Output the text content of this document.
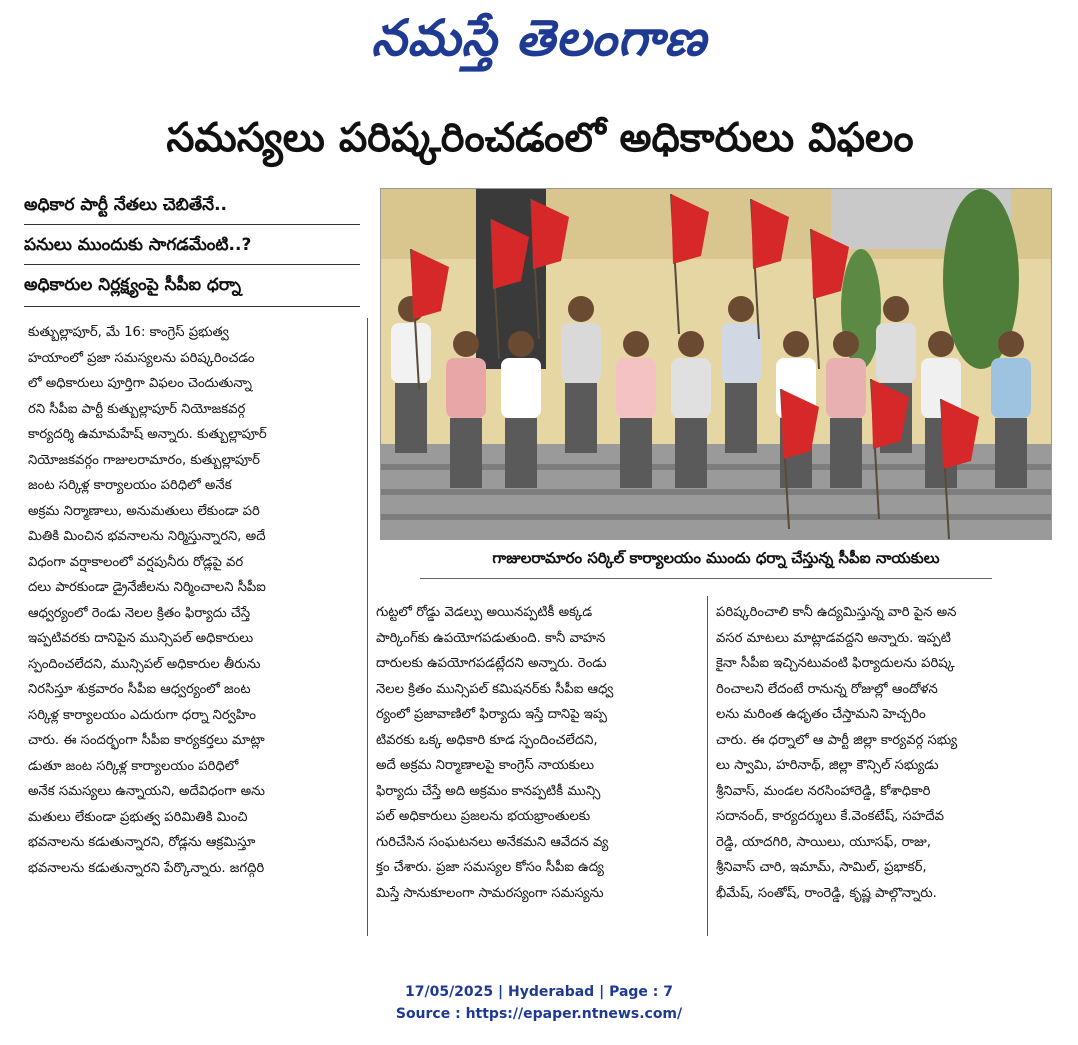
నమస్తే తెలంగాణ
సమస్యలు పరిష్కరించడంలో అధికారులు విఫలం
అధికార పార్టీ నేతలు చెబితేనే..
పనులు ముందుకు సాగడమేంటి..?
అధికారుల నిర్లక్ష్యంపై సీపీఐ ధర్నా
కుత్బుల్లాపూర్, మే 16: కాంగ్రెస్ ప్రభుత్వ
హయాంలో ప్రజా సమస్యలను పరిష్కరించడం
లో అధికారులు పూర్తిగా విఫలం చెందుతున్నా
రని సీపీఐ పార్టీ కుత్బుల్లాపూర్ నియోజకవర్గ
కార్యదర్శి ఉమామహేష్ అన్నారు. కుత్బుల్లాపూర్
నియోజకవర్గం గాజులరామారం, కుత్బుల్లాపూర్
జంట సర్కిళ్ల కార్యాలయం పరిధిలో అనేక
అక్రమ నిర్మాణాలు, అనుమతులు లేకుండా పరి
మితికి మించిన భవనాలను నిర్మిస్తున్నారని, అదే
విధంగా వర్షాకాలంలో వర్షపునీరు రోడ్లపై వర
దలు పారకుండా డ్రైనేజీలను నిర్మించాలని సీపీఐ
ఆధ్వర్యంలో రెండు నెలల క్రితం ఫిర్యాదు చేస్తే
ఇప్పటివరకు దానిపైన మున్సిపల్ అధికారులు
స్పందించలేదని, మున్సిపల్ అధికారుల తీరును
నిరసిస్తూ శుక్రవారం సీపీఐ ఆధ్వర్యంలో జంట
సర్కిళ్ల కార్యాలయం ఎదురుగా ధర్నా నిర్వహిం
చారు. ఈ సందర్భంగా సీపీఐ కార్యకర్తలు మాట్లా
డుతూ జంట సర్కిళ్ల కార్యాలయం పరిధిలో
అనేక సమస్యలు ఉన్నాయని, అదేవిధంగా అను
మతులు లేకుండా ప్రభుత్వ పరిమితికి మించి
భవనాలను కడుతున్నారని, రోడ్లను ఆక్రమిస్తూ
భవనాలను కడుతున్నారని పేర్కొన్నారు. జగద్గిరి
గాజులరామారం సర్కిల్ కార్యాలయం ముందు ధర్నా చేస్తున్న సీపీఐ నాయకులు
గుట్టలో రోడ్డు వెడల్పు అయినప్పటికీ అక్కడ
పార్కింగ్‌కు ఉపయోగపడుతుంది. కానీ వాహన
దారులకు ఉపయోగపడట్లేదని అన్నారు. రెండు
నెలల క్రితం మున్సిపల్ కమిషనర్‌కు సీపీఐ ఆధ్వ
ర్యంలో ప్రజావాణిలో ఫిర్యాదు ఇస్తే దానిపై ఇప్ప
టివరకు ఒక్క అధికారి కూడ స్పందించలేదని,
అదే అక్రమ నిర్మాణాలపై కాంగ్రెస్ నాయకులు
ఫిర్యాదు చేస్తే అది అక్రమం కానప్పటికీ మున్సి
పల్ అధికారులు ప్రజలను భయభ్రాంతులకు
గురిచేసిన సంఘటనలు అనేకమని ఆవేదన వ్య
క్తం చేశారు. ప్రజా సమస్యల కోసం సీపీఐ ఉద్య
మిస్తే సానుకూలంగా సామరస్యంగా సమస్యను
పరిష్కరించాలి కానీ ఉద్యమిస్తున్న వారి పైన అన
వసర మాటలు మాట్లాడవద్దని అన్నారు. ఇప్పటి
కైనా సీపీఐ ఇచ్చినటువంటి ఫిర్యాదులను పరిష్క
రించాలని లేదంటే రానున్న రోజుల్లో ఆందోళన
లను మరింత ఉధృతం చేస్తామని హెచ్చరిం
చారు. ఈ ధర్నాలో ఆ పార్టీ జిల్లా కార్యవర్గ సభ్యు
లు స్వామి, హరినాథ్, జిల్లా కౌన్సిల్ సభ్యుడు
శ్రీనివాస్, మండల నరసింహారెడ్డి, కోశాధికారి
సదానంద్, కార్యదర్శులు కే.వెంకటేష్, సహదేవ
రెడ్డి, యాదగిరి, సాయిలు, యూసఫ్, రాజు,
శ్రీనివాస్ చారి, ఇమామ్, సామిల్, ప్రభాకర్,
భీమేష్, సంతోష్, రాంరెడ్డి, కృష్ణ పాల్గొన్నారు.
17/05/2025 | Hyderabad | Page : 7
Source : https://epaper.ntnews.com/
